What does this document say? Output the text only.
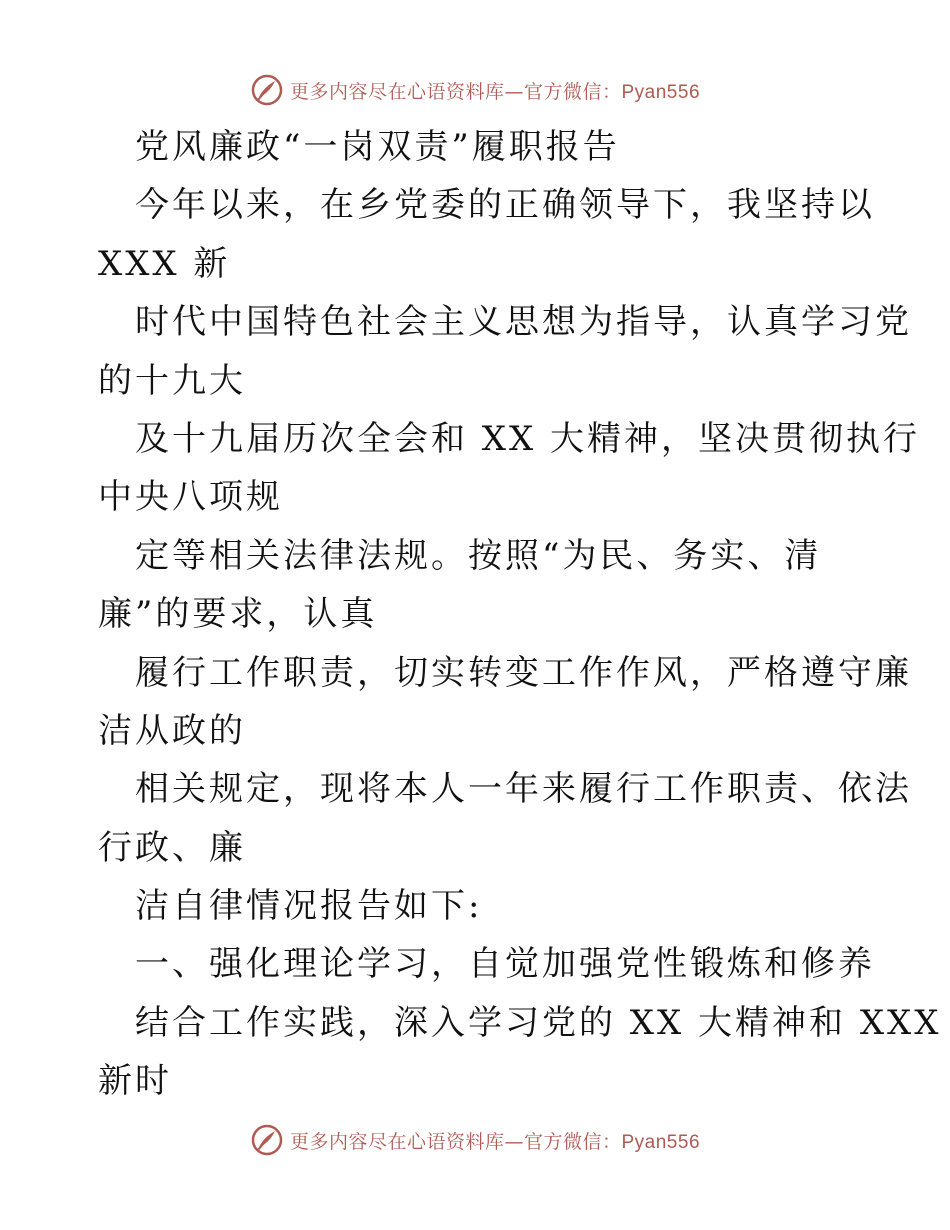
更多内容尽在心语资料库—官方微信：Pyan556
党风廉政“一岗双责”履职报告
今年以来，在乡党委的正确领导下，我坚持以
XXX 新
时代中国特色社会主义思想为指导，认真学习党
的十九大
及十九届历次全会和 XX 大精神，坚决贯彻执行
中央八项规
定等相关法律法规。按照“为民、务实、清
廉”的要求，认真
履行工作职责，切实转变工作作风，严格遵守廉
洁从政的
相关规定，现将本人一年来履行工作职责、依法
行政、廉
洁自律情况报告如下:
一、强化理论学习，自觉加强党性锻炼和修养
结合工作实践，深入学习党的 XX 大精神和 XXX
新时
更多内容尽在心语资料库—官方微信：Pyan556
